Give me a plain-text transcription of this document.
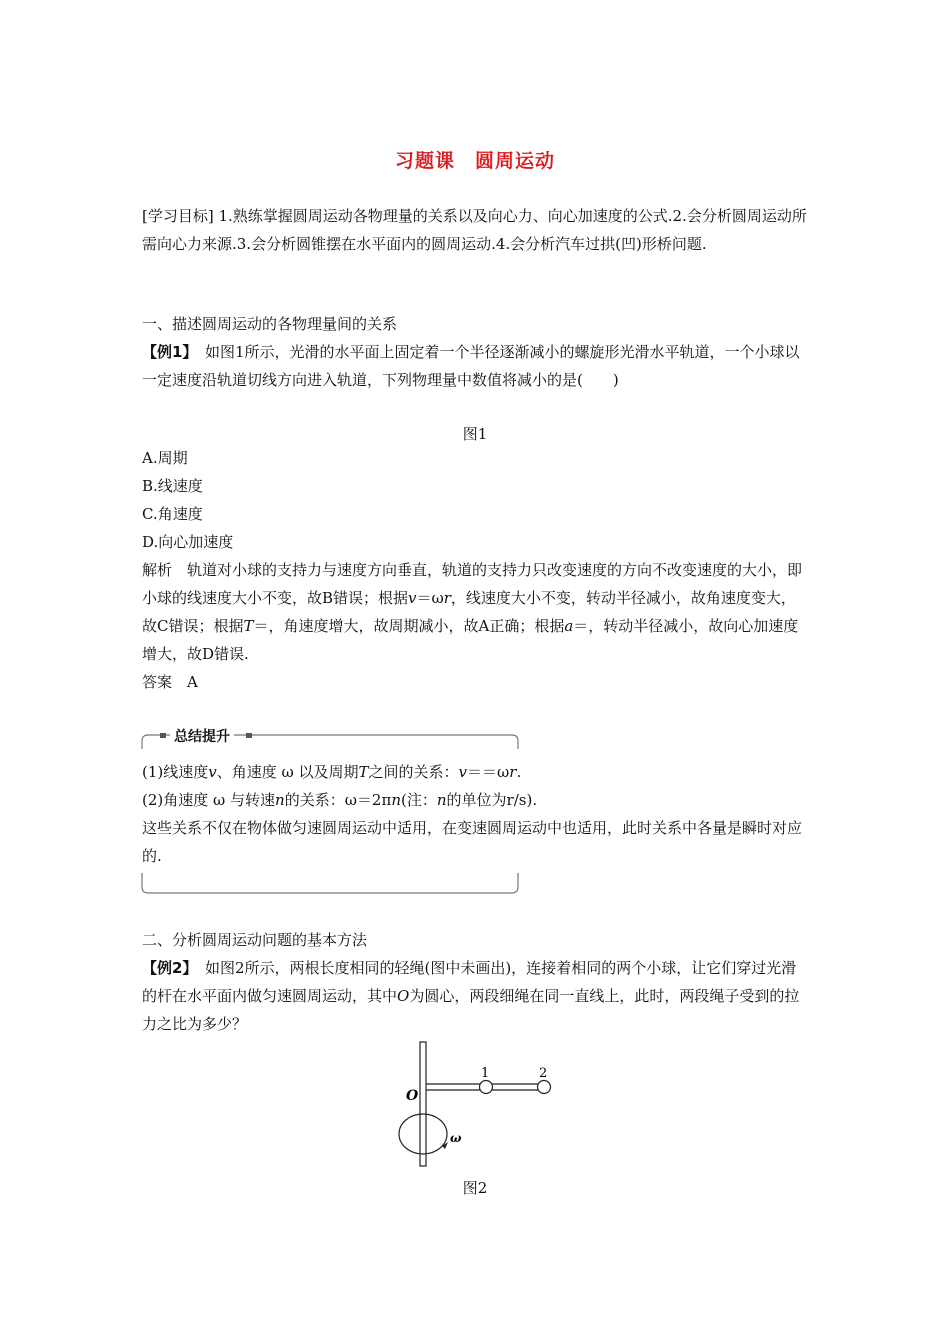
习题课　圆周运动

[学习目标] 1.熟练掌握圆周运动各物理量的关系以及向心力、向心加速度的公式.2.会分析圆周运动所需向心力来源.3.会分析圆锥摆在水平面内的圆周运动.4.会分析汽车过拱(凹)形桥问题.

一、描述圆周运动的各物理量间的关系

【例1】　如图1所示，光滑的水平面上固定着一个半径逐渐减小的螺旋形光滑水平轨道，一个小球以一定速度沿轨道切线方向进入轨道，下列物理量中数值将减小的是(　　)

图1

A.周期

B.线速度

C.角速度

D.向心加速度

解析　轨道对小球的支持力与速度方向垂直，轨道的支持力只改变速度的方向不改变速度的大小，即小球的线速度大小不变，故B错误；根据v＝ωr，线速度大小不变，转动半径减小，故角速度变大，故C错误；根据T＝，角速度增大，故周期减小，故A正确；根据a＝，转动半径减小，故向心加速度增大，故D错误.

答案　A

总结提升

(1)线速度v、角速度 ω 以及周期T之间的关系：v＝＝ωr.

(2)角速度 ω 与转速n的关系：ω＝2πn(注：n的单位为r/s).

这些关系不仅在物体做匀速圆周运动中适用，在变速圆周运动中也适用，此时关系中各量是瞬时对应的.

二、分析圆周运动问题的基本方法

【例2】　如图2所示，两根长度相同的轻绳(图中未画出)，连接着相同的两个小球，让它们穿过光滑的杆在水平面内做匀速圆周运动，其中O为圆心，两段细绳在同一直线上，此时，两段绳子受到的拉力之比为多少？

O
1	2
ω
图2
